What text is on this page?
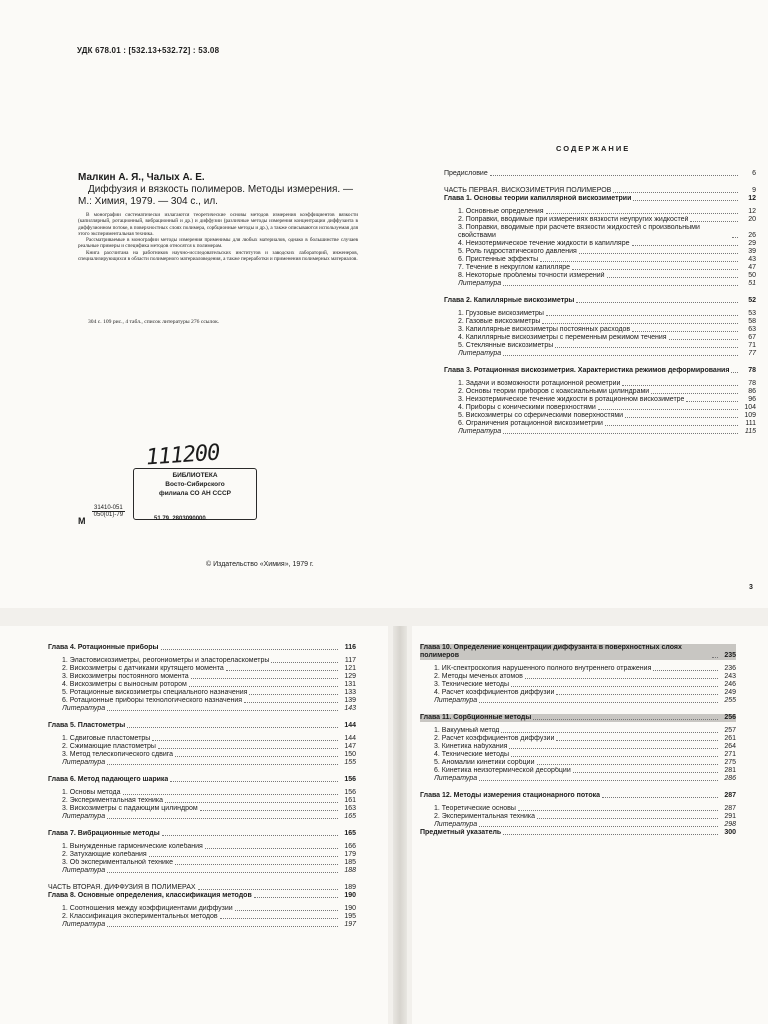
УДК 678.01 : [532.13+532.72] : 53.08
Малкин А. Я., Чалых А. Е.
Диффузия и вязкость полимеров. Методы измерения. — М.: Химия, 1979. — 304 с., ил.

В монографии систематически излагаются теоретические основы методов измерения коэффициентов вязкости (капиллярный, ротационный, вибрационный и др.) и диффузии (различные методы измерения концентрации диффузанта в диффузионном потоке, в поверхностных слоях полимера, сорбционные методы и др.), а также описываются используемая для этого экспериментальная техника.

Рассматриваемые в монографии методы измерения применимы для любых материалов, однако в большинстве случаев реальные примеры и специфика методов относятся к полимерам.

Книга рассчитана на работников научно-исследовательских институтов и заводских лабораторий, инженеров, специализирующихся в области полимерного материаловедения, а также переработки и применения полимерных материалов.

304 с. 109 рис., 4 табл., список литературы 276 ссылок.
111200
БИБЛИОТЕКА
Восто-Сибирского
филиала СО АН СССР
М
$\frac{31410-051}{050(01)-79}$
51.79. 2803090000.
© Издательство «Химия», 1979 г.
СОДЕРЖАНИЕ
Предисловие	6
ЧАСТЬ ПЕРВАЯ. ВИСКОЗИМЕТРИЯ ПОЛИМЕРОВ	9
Глава 1. Основы теории капиллярной вискозиметрии	12
1. Основные определения	12
2. Поправки, вводимые при измерениях вязкости неупругих жидкостей	20
3. Поправки, вводимые при расчете вязкости жидкостей с произвольными свойствами	26
4. Неизотермическое течение жидкости в капилляре	29
5. Роль гидростатического давления	39
6. Пристенные эффекты	43
7. Течение в некруглом капилляре	47
8. Некоторые проблемы точности измерений	50
Литература	51
Глава 2. Капиллярные вискозиметры	52
1. Грузовые вискозиметры	53
2. Газовые вискозиметры	58
3. Капиллярные вискозиметры постоянных расходов	63
4. Капиллярные вискозиметры с переменным режимом течения	67
5. Стеклянные вискозиметры	71
Литература	77
Глава 3. Ротационная вискозиметрия. Характеристика режимов деформирования	78
1. Задачи и возможности ротационной реометрии	78
2. Основы теории приборов с коаксиальными цилиндрами	86
3. Неизотермическое течение жидкости в ротационном вискозиметре	96
4. Приборы с коническими поверхностями	104
5. Вискозиметры со сферическими поверхностями	109
6. Ограничения ротационной вискозиметрии	111
Литература	115
3
Глава 4. Ротационные приборы	116
1. Эластовискозиметры, реогониометры и эластореласкометры	117
2. Вискозиметры с датчиками крутящего момента	121
3. Вискозиметры постоянного момента	129
4. Вискозиметры с выносным ротором	131
5. Ротационные вискозиметры специального назначения	133
6. Ротационные приборы технологического назначения	139
Литература	143
Глава 5. Пластометры	144
1. Сдвиговые пластометры	144
2. Сжимающие пластометры	147
3. Метод телескопического сдвига	150
Литература	155
Глава 6. Метод падающего шарика	156
1. Основы метода	156
2. Экспериментальная техника	161
3. Вискозиметры с падающим цилиндром	163
Литература	165
Глава 7. Вибрационные методы	165
1. Вынужденные гармонические колебания	166
2. Затухающие колебания	179
3. Об экспериментальной технике	185
Литература	188
ЧАСТЬ ВТОРАЯ. ДИФФУЗИЯ В ПОЛИМЕРАХ	189
Глава 8. Основные определения, классификация методов	190
1. Соотношения между коэффициентами диффузии	190
2. Классификация экспериментальных методов	195
Литература	197
Глава 10. Определение концентрации диффузанта в поверхностных слоях полимеров	235
1. ИК-спектроскопия нарушенного полного внутреннего отражения	236
2. Методы меченых атомов	243
3. Технические методы	246
4. Расчет коэффициентов диффузии	249
Литература	255
Глава 11. Сорбционные методы	256
1. Вакуумный метод	257
2. Расчет коэффициентов диффузии	261
3. Кинетика набухания	264
4. Технические методы	271
5. Аномалии кинетики сорбции	275
6. Кинетика неизотермической десорбции	281
Литература	286
Глава 12. Методы измерения стационарного потока	287
1. Теоретические основы	287
2. Экспериментальная техника	291
Литература	298
Предметный указатель	300
